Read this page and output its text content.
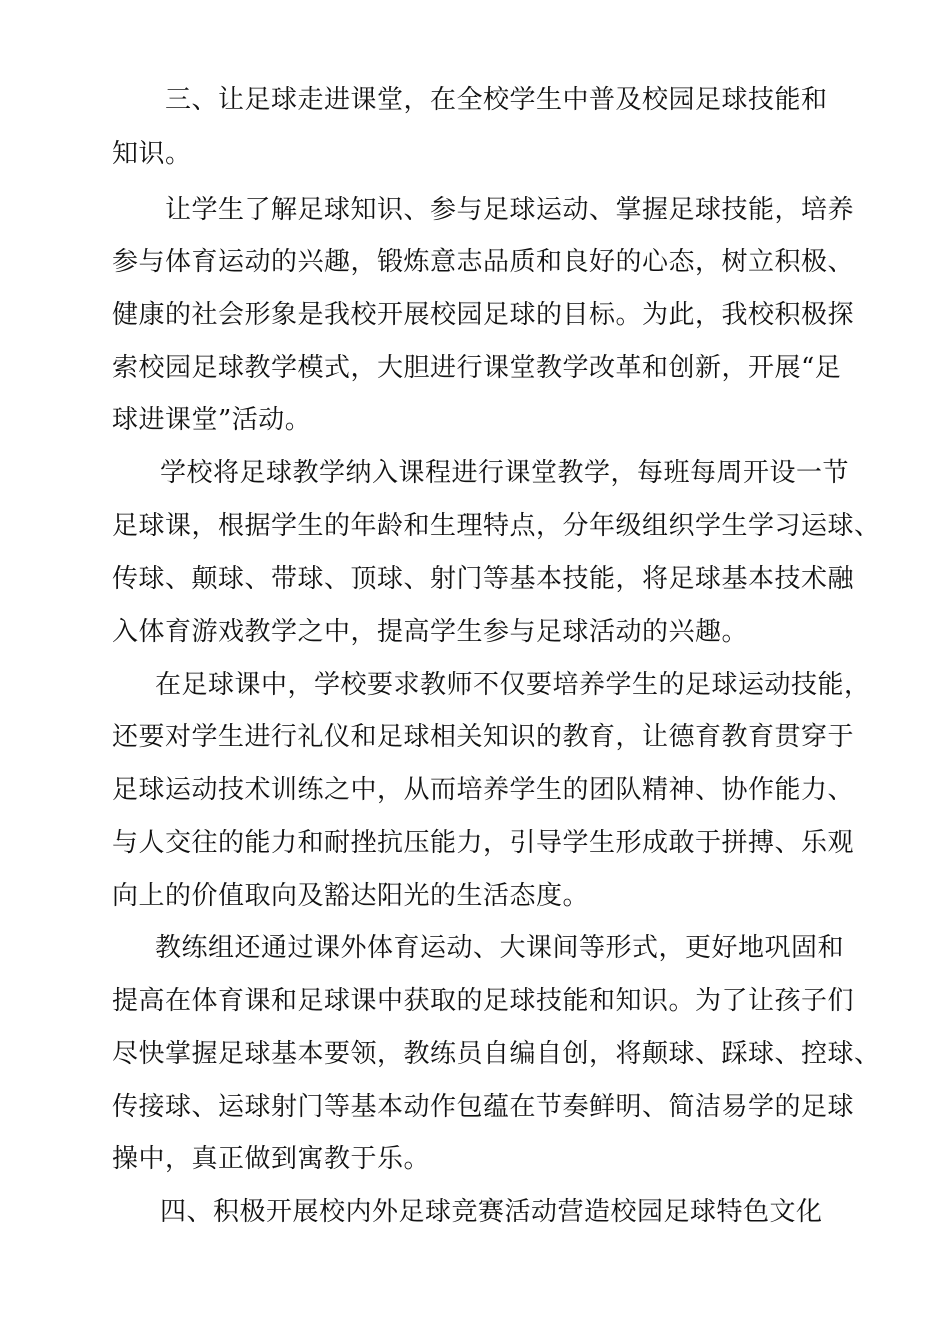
三、让足球走进课堂，在全校学生中普及校园足球技能和
知识。
让学生了解足球知识、参与足球运动、掌握足球技能，培养
参与体育运动的兴趣，锻炼意志品质和良好的心态，树立积极、
健康的社会形象是我校开展校园足球的目标。为此，我校积极探
索校园足球教学模式，大胆进行课堂教学改革和创新，开展“足
球进课堂”活动。
学校将足球教学纳入课程进行课堂教学，每班每周开设一节
足球课，根据学生的年龄和生理特点，分年级组织学生学习运球、
传球、颠球、带球、顶球、射门等基本技能，将足球基本技术融
入体育游戏教学之中，提高学生参与足球活动的兴趣。
在足球课中，学校要求教师不仅要培养学生的足球运动技能，
还要对学生进行礼仪和足球相关知识的教育，让德育教育贯穿于
足球运动技术训练之中，从而培养学生的团队精神、协作能力、
与人交往的能力和耐挫抗压能力，引导学生形成敢于拼搏、乐观
向上的价值取向及豁达阳光的生活态度。
教练组还通过课外体育运动、大课间等形式，更好地巩固和
提高在体育课和足球课中获取的足球技能和知识。为了让孩子们
尽快掌握足球基本要领，教练员自编自创，将颠球、踩球、控球、
传接球、运球射门等基本动作包蕴在节奏鲜明、简洁易学的足球
操中，真正做到寓教于乐。
四、积极开展校内外足球竞赛活动营造校园足球特色文化
